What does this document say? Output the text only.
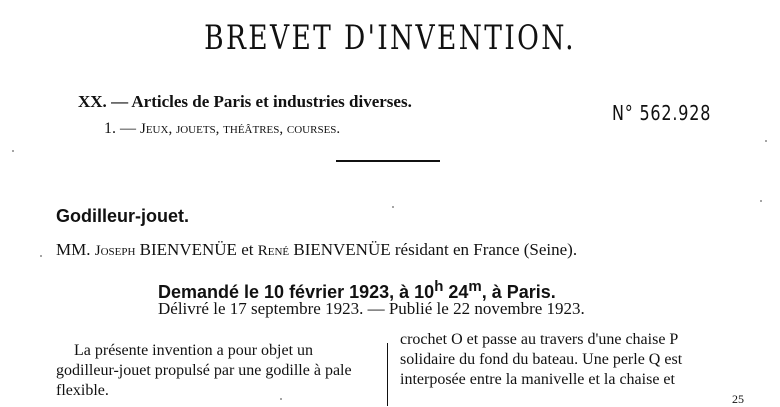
BREVET D'INVENTION.
XX. — Articles de Paris et industries diverses.
1. — Jeux, jouets, théâtres, courses.
N° 562.928
Godilleur-jouet.
MM. Joseph BIENVENÜE et René BIENVENÜE résidant en France (Seine).
Demandé le 10 février 1923, à 10$^h$ 24$^m$, à Paris.
Délivré le 17 septembre 1923. — Publié le 22 novembre 1923.
La présente invention a pour objet un
godilleur-jouet propulsé par une godille à pale
flexible.
crochet O et passe au travers d'une chaise P
solidaire du fond du bateau. Une perle Q est
interposée entre la manivelle et la chaise et
25
